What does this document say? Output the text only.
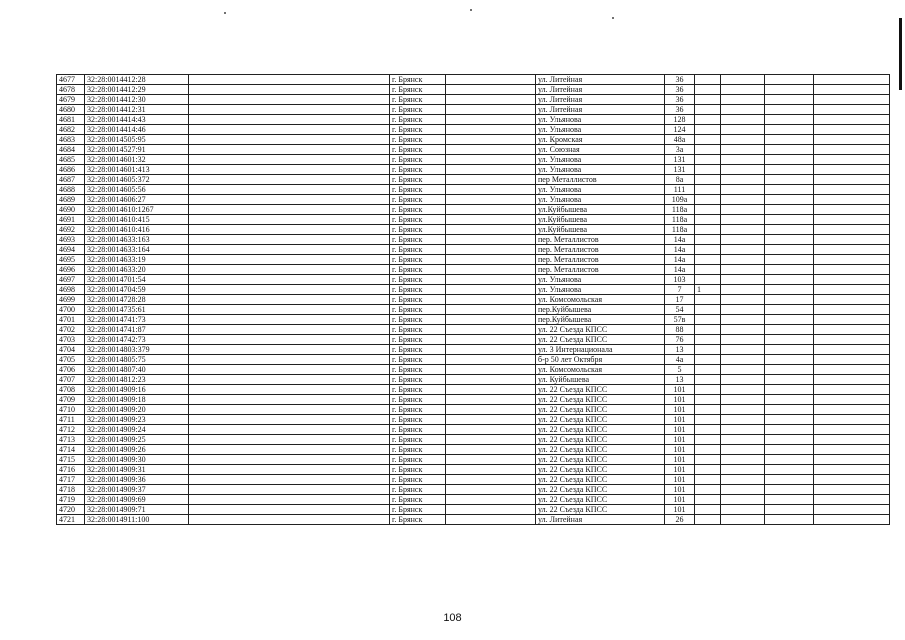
4677	32:28:0014412:28		г. Брянск		ул. Литейная	36				
4678	32:28:0014412:29		г. Брянск		ул. Литейная	36				
4679	32:28:0014412:30		г. Брянск		ул. Литейная	36				
4680	32:28:0014412:31		г. Брянск		ул. Литейная	36				
4681	32:28:0014414:43		г. Брянск		ул. Ульянова	128				
4682	32:28:0014414:46		г. Брянск		ул. Ульянова	124				
4683	32:28:0014505:95		г. Брянск		ул. Кромская	48а				
4684	32:28:0014527:91		г. Брянск		ул. Союзная	3а				
4685	32:28:0014601:32		г. Брянск		ул. Ульянова	131				
4686	32:28:0014601:413		г. Брянск		ул. Ульянова	131				
4687	32:28:0014605:372		г. Брянск		пер Металлистов	8а				
4688	32:28:0014605:56		г. Брянск		ул. Ульянова	111				
4689	32:28:0014606:27		г. Брянск		ул. Ульянова	109а				
4690	32:28:0014610:1267		г. Брянск		ул.Куйбышева	118а				
4691	32:28:0014610:415		г. Брянск		ул.Куйбышева	118а				
4692	32:28:0014610:416		г. Брянск		ул.Куйбышева	118а				
4693	32:28:0014633:163		г. Брянск		пер. Металлистов	14а				
4694	32:28:0014633:164		г. Брянск		пер. Металлистов	14а				
4695	32:28:0014633:19		г. Брянск		пер. Металлистов	14а				
4696	32:28:0014633:20		г. Брянск		пер. Металлистов	14а				
4697	32:28:0014701:54		г. Брянск		ул. Ульянова	103				
4698	32:28:0014704:59		г. Брянск		ул. Ульянова	7	1			
4699	32:28:0014728:28		г. Брянск		ул. Комсомольская	17				
4700	32:28:0014735:61		г. Брянск		пер.Куйбышева	54				
4701	32:28:0014741:73		г. Брянск		пер.Куйбышева	57в				
4702	32:28:0014741:87		г. Брянск		ул. 22 Съезда КПСС	88				
4703	32:28:0014742:73		г. Брянск		ул. 22 Съезда КПСС	76				
4704	32:28:0014803:379		г. Брянск		ул. 3 Интернационала	13				
4705	32:28:0014805:75		г. Брянск		б-р 50 лет Октября	4а				
4706	32:28:0014807:40		г. Брянск		ул. Комсомольская	5				
4707	32:28:0014812:23		г. Брянск		ул. Куйбышева	13				
4708	32:28:0014909:16		г. Брянск		ул. 22 Съезда КПСС	101				
4709	32:28:0014909:18		г. Брянск		ул. 22 Съезда КПСС	101				
4710	32:28:0014909:20		г. Брянск		ул. 22 Съезда КПСС	101				
4711	32:28:0014909:23		г. Брянск		ул. 22 Съезда КПСС	101				
4712	32:28:0014909:24		г. Брянск		ул. 22 Съезда КПСС	101				
4713	32:28:0014909:25		г. Брянск		ул. 22 Съезда КПСС	101				
4714	32:28:0014909:26		г. Брянск		ул. 22 Съезда КПСС	101				
4715	32:28:0014909:30		г. Брянск		ул. 22 Съезда КПСС	101				
4716	32:28:0014909:31		г. Брянск		ул. 22 Съезда КПСС	101				
4717	32:28:0014909:36		г. Брянск		ул. 22 Съезда КПСС	101				
4718	32:28:0014909:37		г. Брянск		ул. 22 Съезда КПСС	101				
4719	32:28:0014909:69		г. Брянск		ул. 22 Съезда КПСС	101				
4720	32:28:0014909:71		г. Брянск		ул. 22 Съезда КПСС	101				
4721	32:28:0014911:100		г. Брянск		ул. Литейная	26				
108
